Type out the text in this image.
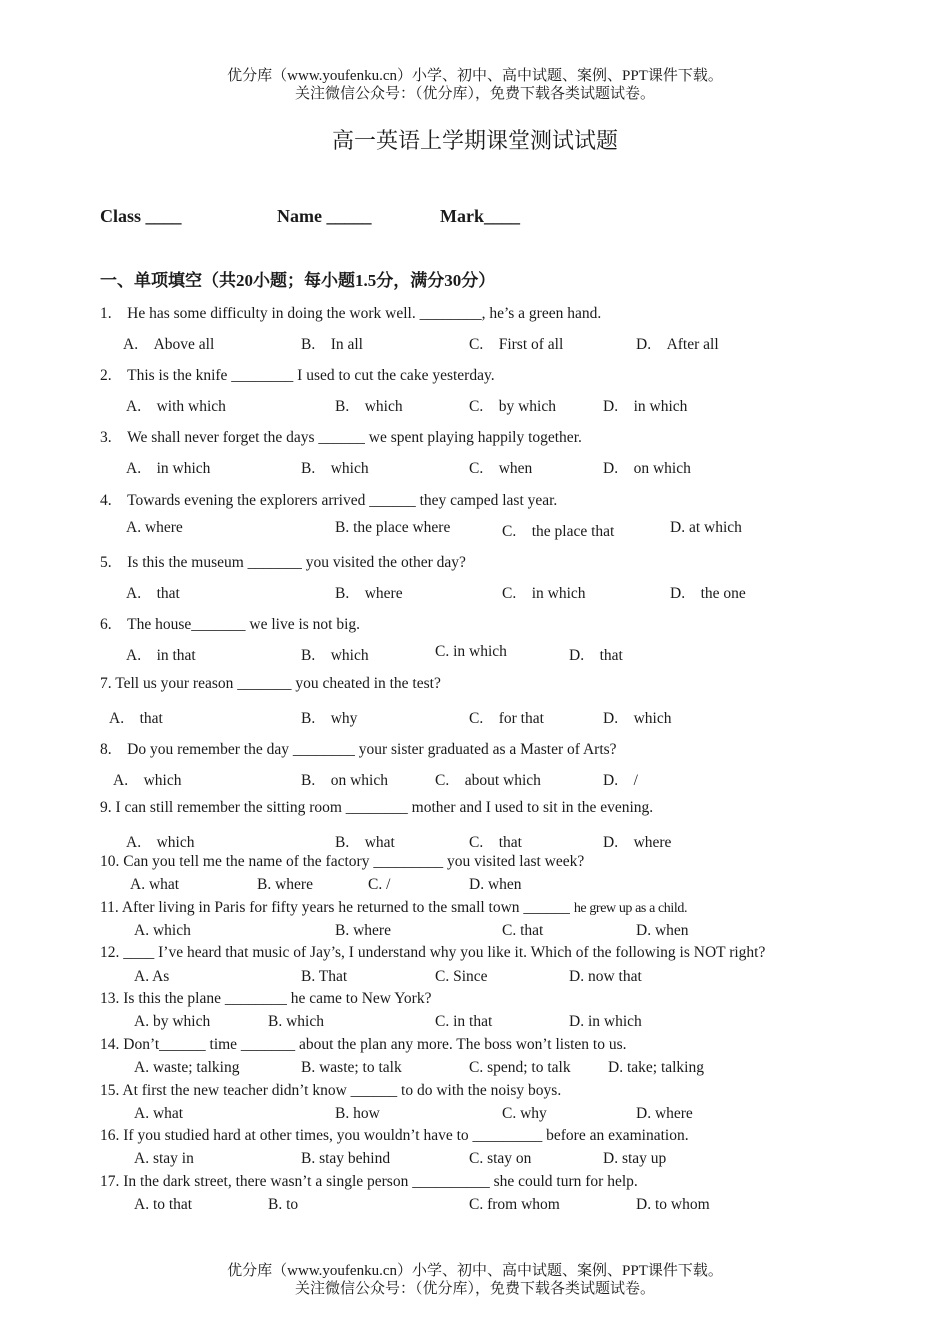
优分库（www.youfenku.cn）小学、初中、高中试题、案例、PPT课件下载。
关注微信公众号：（优分库），免费下载各类试题试卷。
高一英语上学期课堂测试试题
Class ____	Name _____	Mark____
一、单项填空（共20小题；每小题1.5分，满分30分）
1.　He has some difficulty in doing the work well. ________, he’s a green hand.
A.　Above all	B.　In all	C.　First of all	D.　After all
2.　This is the knife ________ I used to cut the cake yesterday.
A.　with which	B.　which	C.　by which	D.　in which
3.　We shall never forget the days ______ we spent playing happily together.
A.　in which	B.　which	C.　when	D.　on which
4.　Towards evening the explorers arrived ______ they camped last year.
A. where	B. the place where	C.　the place that	D. at which
5.　Is this the museum _______ you visited the other day?
A.　that	B.　where	C.　in which	D.　the one
6.　The house_______ we live is not big.
A.　in that	B.　which	C. in which	D.　that
7. Tell us your reason _______ you cheated in the test?
A.　that	B.　why	C.　for that	D.　which
8.　Do you remember the day ________ your sister graduated as a Master of Arts?
A.　which	B.　on which	C.　about which	D.　/
9. I can still remember the sitting room ________ mother and I used to sit in the evening.
A.　which	B.　what	C.　that	D.　where
10. Can you tell me the name of the factory _________ you visited last week?
A. what	B. where	C. /	D. when
11. After living in Paris for fifty years he returned to the small town ______ he grew up as a child.
A. which	B. where	C. that	D. when
12. ____ I’ve heard that music of Jay’s, I understand why you like it. Which of the following is NOT right?
A. As	B. That	C. Since	D. now that
13. Is this the plane ________ he came to New York?
A. by which	B. which	C. in that	D. in which
14. Don’t______ time _______ about the plan any more. The boss won’t listen to us.
A. waste; talking	B. waste; to talk	C. spend; to talk D. take; talking
15. At first the new teacher didn’t know ______ to do with the noisy boys.
A. what	B. how	C. why	D. where
16. If you studied hard at other times, you wouldn’t have to _________ before an examination.
A. stay in	B. stay behind	C. stay on	D. stay up
17. In the dark street, there wasn’t a single person __________ she could turn for help.
A. to that	B. to	C. from whom	D. to whom
优分库（www.youfenku.cn）小学、初中、高中试题、案例、PPT课件下载。
关注微信公众号：（优分库），免费下载各类试题试卷。
